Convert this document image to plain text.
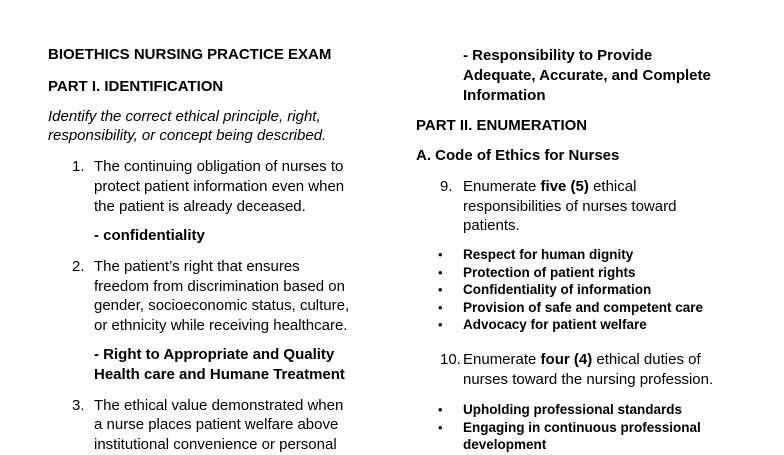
BIOETHICS NURSING PRACTICE EXAM
PART I. IDENTIFICATION
Identify the correct ethical principle, right,
responsibility, or concept being described.
1. The continuing obligation of nurses to
protect patient information even when
the patient is already deceased.
- confidentiality
2. The patient’s right that ensures
freedom from discrimination based on
gender, socioeconomic status, culture,
or ethnicity while receiving healthcare.
- Right to Appropriate and Quality
Health care and Humane Treatment
3. The ethical value demonstrated when
a nurse places patient welfare above
institutional convenience or personal
- Responsibility to Provide
Adequate, Accurate, and Complete
Information
PART II. ENUMERATION
A. Code of Ethics for Nurses
9. Enumerate five (5) ethical
responsibilities of nurses toward
patients.
• Respect for human dignity
• Protection of patient rights
• Confidentiality of information
• Provision of safe and competent care
• Advocacy for patient welfare
10. Enumerate four (4) ethical duties of
nurses toward the nursing profession.
• Upholding professional standards
• Engaging in continuous professional
development
